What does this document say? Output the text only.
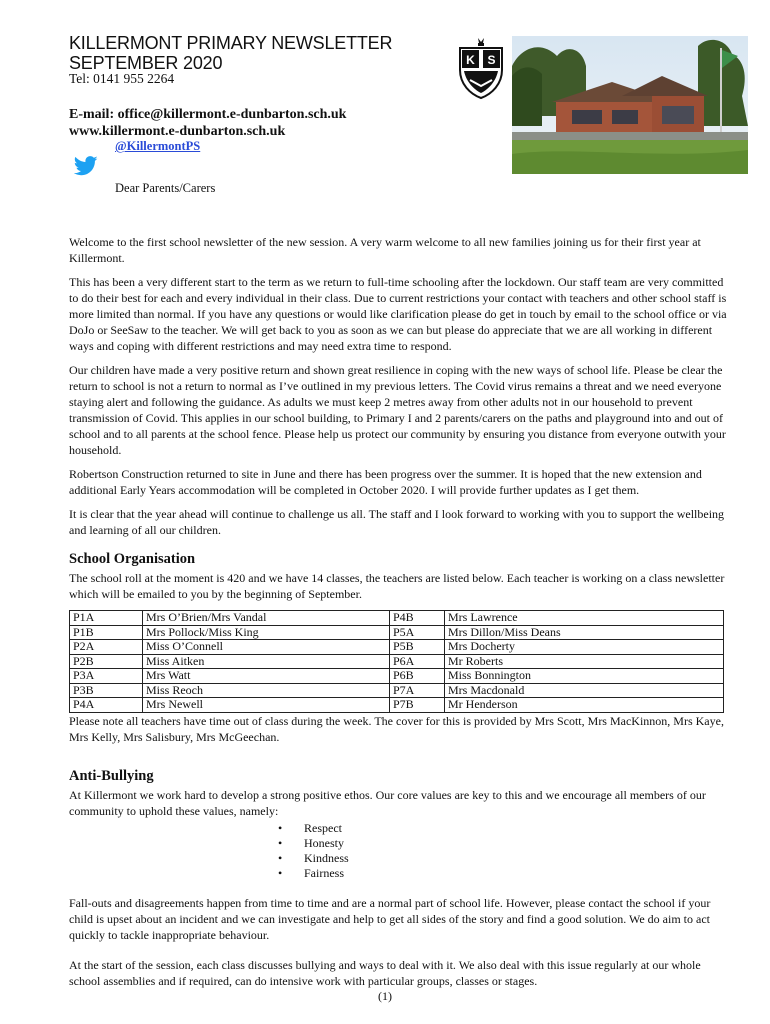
KILLERMONT PRIMARY NEWSLETTER
SEPTEMBER 2020
Tel: 0141 955 2264
E-mail: office@killermont.e-dunbarton.sch.uk
www.killermont.e-dunbarton.sch.uk
@KillermontPS
Dear Parents/Carers
K S

Welcome to the first school newsletter of the new session. A very warm welcome to all new families joining us for their first year at Killermont.

This has been a very different start to the term as we return to full-time schooling after the lockdown. Our staff team are very committed to do their best for each and every individual in their class. Due to current restrictions your contact with teachers and other school staff is more limited than normal. If you have any questions or would like clarification please do get in touch by email to the school office or via DoJo or SeeSaw to the teacher. We will get back to you as soon as we can but please do appreciate that we are all working in different ways and coping with different restrictions and may need extra time to respond.

Our children have made a very positive return and shown great resilience in coping with the new ways of school life. Please be clear the return to school is not a return to normal as I’ve outlined in my previous letters. The Covid virus remains a threat and we need everyone staying alert and following the guidance. As adults we must keep 2 metres away from other adults not in our household to prevent transmission of Covid. This applies in our school building, to Primary I and 2 parents/carers on the paths and playground into and out of school and to all parents at the school fence. Please help us protect our community by ensuring you distance from everyone outwith your household.

Robertson Construction returned to site in June and there has been progress over the summer. It is hoped that the new extension and additional Early Years accommodation will be completed in October 2020. I will provide further updates as I get them.

It is clear that the year ahead will continue to challenge us all. The staff and I look forward to working with you to support the wellbeing and learning of all our children.

School Organisation
The school roll at the moment is 420 and we have 14 classes, the teachers are listed below. Each teacher is working on a class newsletter which will be emailed to you by the beginning of September.
P1A	Mrs O’Brien/Mrs Vandal	P4B	Mrs Lawrence
P1B	Mrs Pollock/Miss King	P5A	Mrs Dillon/Miss Deans
P2A	Miss O’Connell	P5B	Mrs Docherty
P2B	Miss Aitken	P6A	Mr Roberts
P3A	Mrs Watt	P6B	Miss Bonnington
P3B	Miss Reoch	P7A	Mrs Macdonald
P4A	Mrs Newell	P7B	Mr Henderson
Please note all teachers have time out of class during the week. The cover for this is provided by Mrs Scott, Mrs MacKinnon, Mrs Kaye, Mrs Kelly, Mrs Salisbury, Mrs McGeechan.
Anti-Bullying
At Killermont we work hard to develop a strong positive ethos. Our core values are key to this and we encourage all members of our community to uphold these values, namely:
• Respect
• Honesty
• Kindness
• Fairness

Fall-outs and disagreements happen from time to time and are a normal part of school life. However, please contact the school if your child is upset about an incident and we can investigate and help to get all sides of the story and find a good solution. We do aim to act quickly to tackle inappropriate behaviour.

At the start of the session, each class discusses bullying and ways to deal with it. We also deal with this issue regularly at our whole school assemblies and if required, can do intensive work with particular groups, classes or stages.

(1)
